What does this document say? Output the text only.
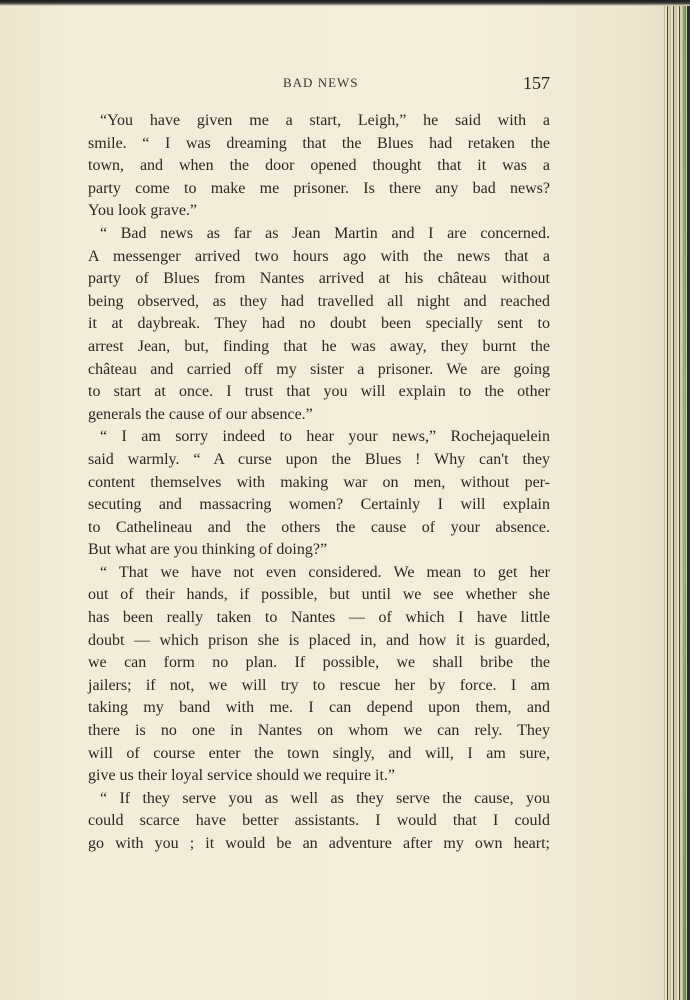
BAD NEWS	157
“You have given me a start, Leigh,” he said with a
smile. “ I was dreaming that the Blues had retaken the
town, and when the door opened thought that it was a
party come to make me prisoner. Is there any bad news?
You look grave.”
“ Bad news as far as Jean Martin and I are concerned.
A messenger arrived two hours ago with the news that a
party of Blues from Nantes arrived at his château without
being observed, as they had travelled all night and reached
it at daybreak. They had no doubt been specially sent to
arrest Jean, but, finding that he was away, they burnt the
château and carried off my sister a prisoner. We are going
to start at once. I trust that you will explain to the other
generals the cause of our absence.”
“ I am sorry indeed to hear your news,” Rochejaquelein
said warmly. “ A curse upon the Blues ! Why can't they
content themselves with making war on men, without per-
secuting and massacring women? Certainly I will explain
to Cathelineau and the others the cause of your absence.
But what are you thinking of doing?”
“ That we have not even considered. We mean to get her
out of their hands, if possible, but until we see whether she
has been really taken to Nantes — of which I have little
doubt — which prison she is placed in, and how it is guarded,
we can form no plan. If possible, we shall bribe the
jailers; if not, we will try to rescue her by force. I am
taking my band with me. I can depend upon them, and
there is no one in Nantes on whom we can rely. They
will of course enter the town singly, and will, I am sure,
give us their loyal service should we require it.”
“ If they serve you as well as they serve the cause, you
could scarce have better assistants. I would that I could
go with you ; it would be an adventure after my own heart;
